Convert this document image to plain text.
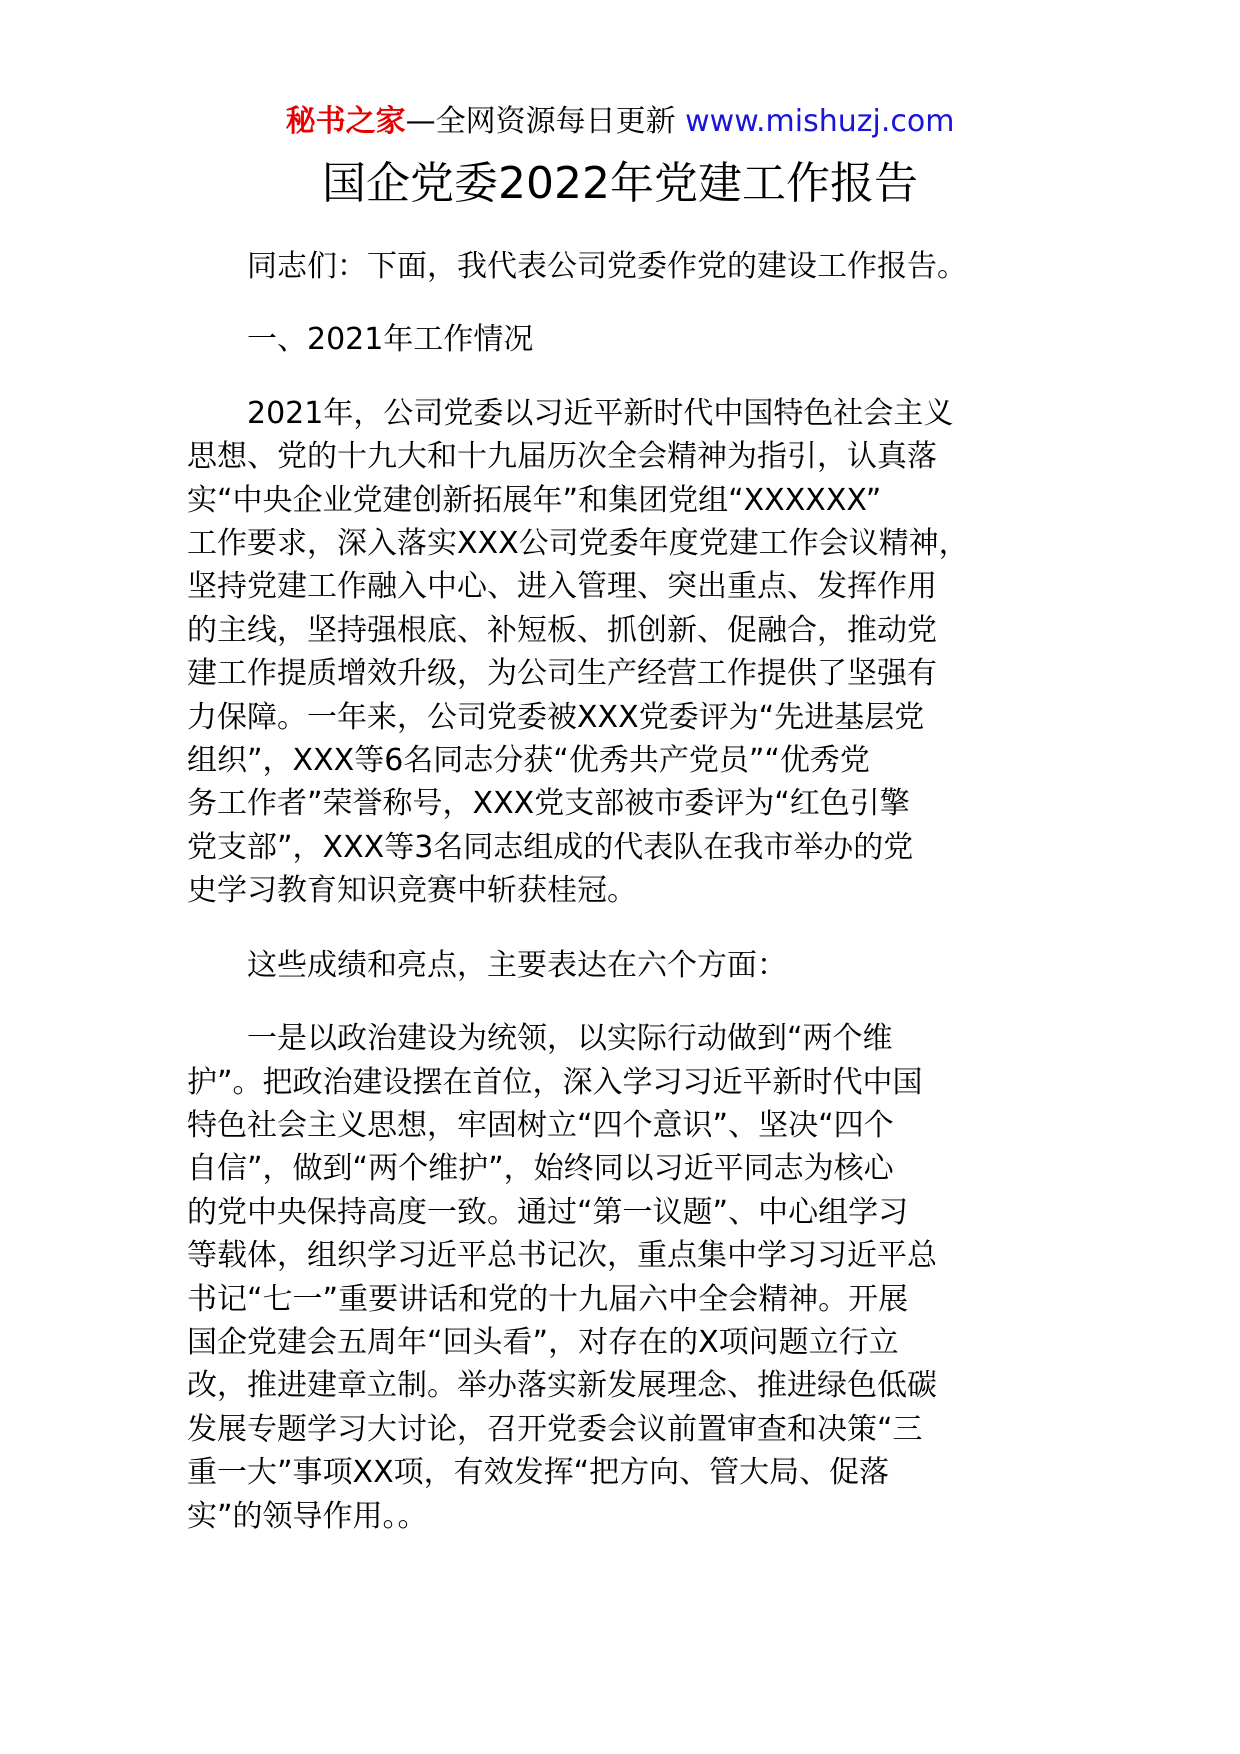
秘书之家—全网资源每日更新 www.mishuzj.com
国企党委2022年党建工作报告

同志们：下面，我代表公司党委作党的建设工作报告。

一、2021年工作情况

2021年，公司党委以习近平新时代中国特色社会主义
思想、党的十九大和十九届历次全会精神为指引，认真落
实“中央企业党建创新拓展年”和集团党组“XXXXXX”
工作要求，深入落实XXX公司党委年度党建工作会议精神，
坚持党建工作融入中心、进入管理、突出重点、发挥作用
的主线，坚持强根底、补短板、抓创新、促融合，推动党
建工作提质增效升级，为公司生产经营工作提供了坚强有
力保障。一年来，公司党委被XXX党委评为“先进基层党
组织”，XXX等6名同志分获“优秀共产党员”“优秀党
务工作者”荣誉称号，XXX党支部被市委评为“红色引擎
党支部”，XXX等3名同志组成的代表队在我市举办的党
史学习教育知识竞赛中斩获桂冠。

这些成绩和亮点，主要表达在六个方面：

一是以政治建设为统领，以实际行动做到“两个维
护”。把政治建设摆在首位，深入学习习近平新时代中国
特色社会主义思想，牢固树立“四个意识”、坚决“四个
自信”，做到“两个维护”，始终同以习近平同志为核心
的党中央保持高度一致。通过“第一议题”、中心组学习
等载体，组织学习近平总书记次，重点集中学习习近平总
书记“七一”重要讲话和党的十九届六中全会精神。开展
国企党建会五周年“回头看”，对存在的X项问题立行立
改，推进建章立制。举办落实新发展理念、推进绿色低碳
发展专题学习大讨论，召开党委会议前置审查和决策“三
重一大”事项XX项，有效发挥“把方向、管大局、促落
实”的领导作用。。
